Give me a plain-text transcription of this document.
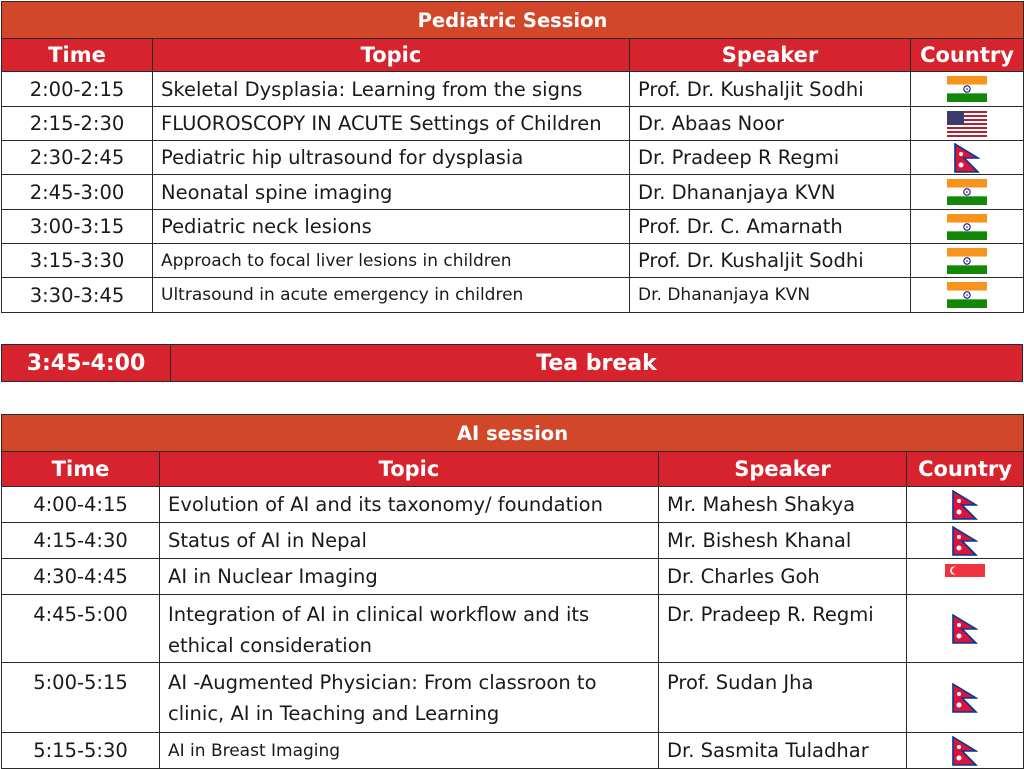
Pediatric Session			
Time	Topic	Speaker	Country
2:00-2:15	Skeletal Dysplasia: Learning from the signs	Prof. Dr. Kushaljit Sodhi	

2:15-2:30	FLUOROSCOPY IN ACUTE Settings of Children	Dr. Abaas Noor	

2:30-2:45	Pediatric hip ultrasound for dysplasia	Dr. Pradeep R Regmi	

2:45-3:00	Neonatal spine imaging	Dr. Dhananjaya KVN	

3:00-3:15	Pediatric neck lesions	Prof. Dr. C. Amarnath	

3:15-3:30	Approach to focal liver lesions in children	Prof. Dr. Kushaljit Sodhi	

3:30-3:45	Ultrasound in acute emergency in children	Dr. Dhananjaya KVN	
3:45-4:00	Tea break
AI session			
Time	Topic	Speaker	Country
4:00-4:15	Evolution of AI and its taxonomy/ foundation	Mr. Mahesh Shakya	

4:15-4:30	Status of AI in Nepal	Mr. Bishesh Khanal	

4:30-4:45	AI in Nuclear Imaging	Dr. Charles Goh	

4:45-5:00	Integration of AI in clinical workflow and its
ethical consideration	Dr. Pradeep R. Regmi	

5:00-5:15	AI -Augmented Physician: From classroon to
clinic, AI in Teaching and Learning	Prof. Sudan Jha	

5:15-5:30	AI in Breast Imaging	Dr. Sasmita Tuladhar	
